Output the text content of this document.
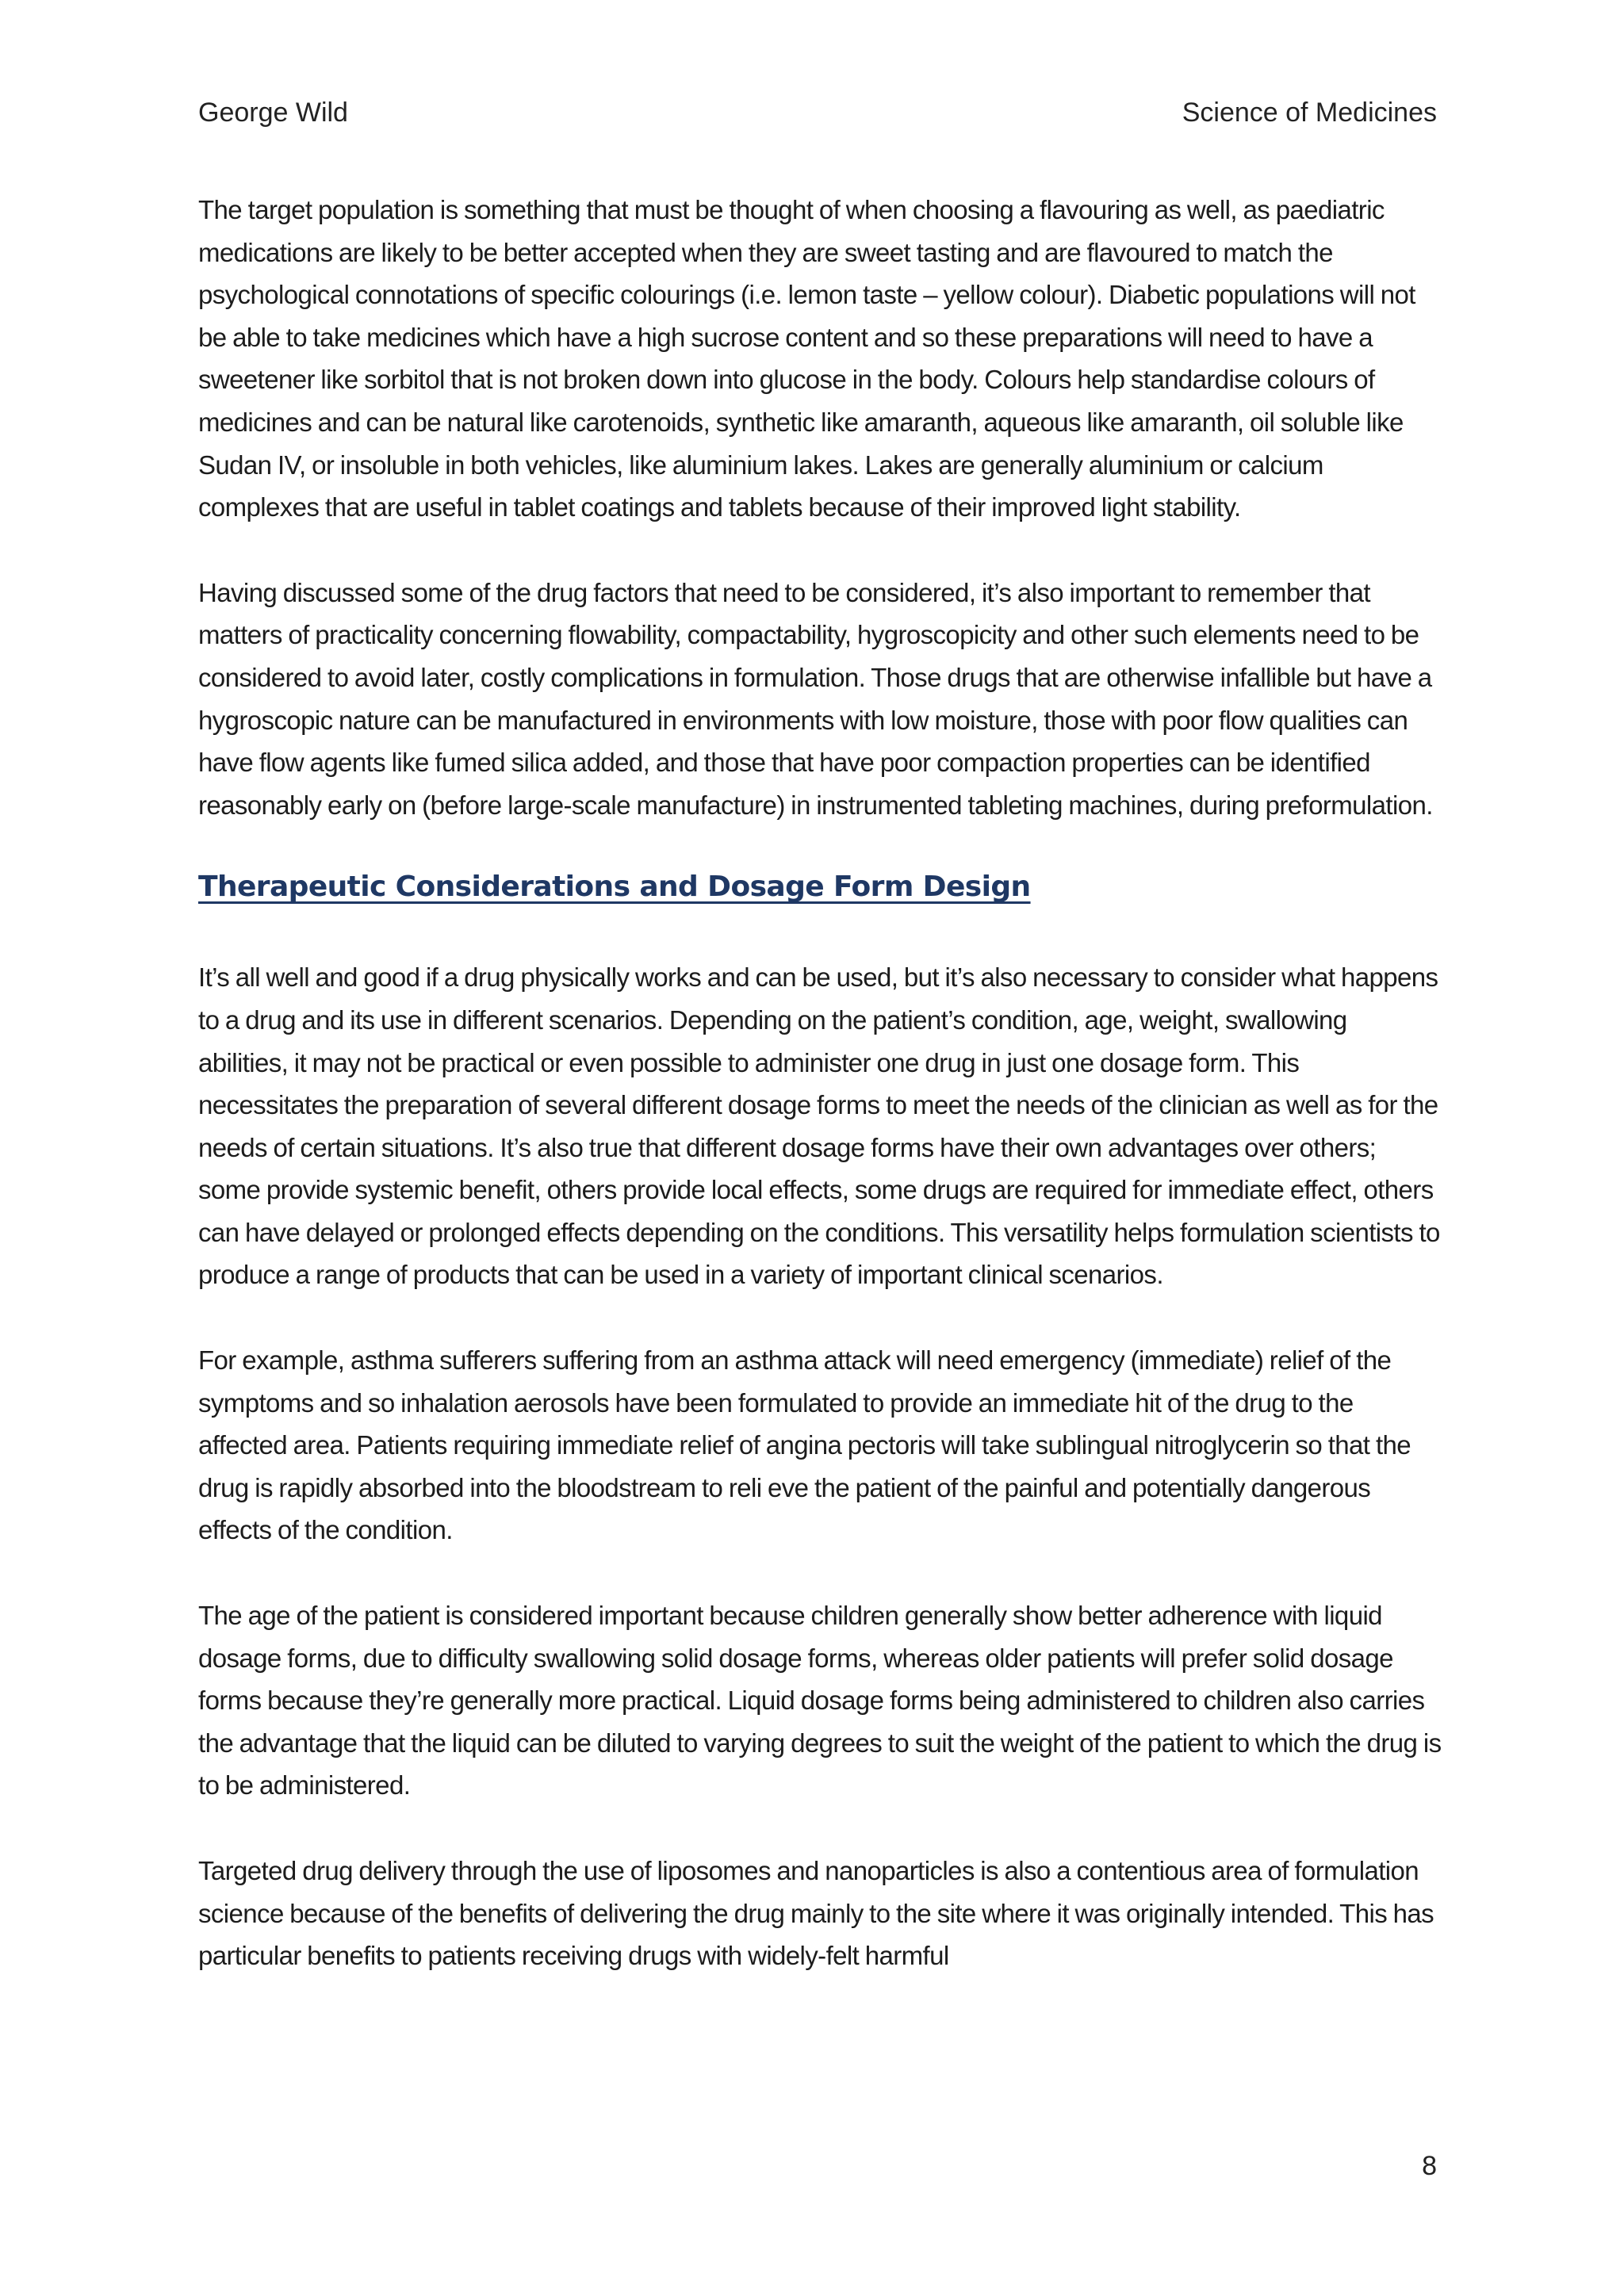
George Wild	Science of Medicines

The target population is something that must be thought of when choosing a flavouring as well, as paediatric medications are likely to be better accepted when they are sweet tasting and are flavoured to match the psychological connotations of specific colourings (i.e. lemon taste – yellow colour). Diabetic populations will not be able to take medicines which have a high sucrose content and so these preparations will need to have a sweetener like sorbitol that is not broken down into glucose in the body. Colours help standardise colours of medicines and can be natural like carotenoids, synthetic like amaranth, aqueous like amaranth, oil soluble like Sudan IV, or insoluble in both vehicles, like aluminium lakes. Lakes are generally aluminium or calcium complexes that are useful in tablet coatings and tablets because of their improved light stability.

Having discussed some of the drug factors that need to be considered, it’s also important to remember that matters of practicality concerning flowability, compactability, hygroscopicity and other such elements need to be considered to avoid later, costly complications in formulation. Those drugs that are otherwise infallible but have a hygroscopic nature can be manufactured in environments with low moisture, those with poor flow qualities can have flow agents like fumed silica added, and those that have poor compaction properties can be identified reasonably early on (before large-scale manufacture) in instrumented tableting machines, during preformulation.

Therapeutic Considerations and Dosage Form Design

It’s all well and good if a drug physically works and can be used, but it’s also necessary to consider what happens to a drug and its use in different scenarios. Depending on the patient’s condition, age, weight, swallowing abilities, it may not be practical or even possible to administer one drug in just one dosage form. This necessitates the preparation of several different dosage forms to meet the needs of the clinician as well as for the needs of certain situations. It’s also true that different dosage forms have their own advantages over others; some provide systemic benefit, others provide local effects, some drugs are required for immediate effect, others can have delayed or prolonged effects depending on the conditions. This versatility helps formulation scientists to produce a range of products that can be used in a variety of important clinical scenarios.

For example, asthma sufferers suffering from an asthma attack will need emergency (immediate) relief of the symptoms and so inhalation aerosols have been formulated to provide an immediate hit of the drug to the affected area. Patients requiring immediate relief of angina pectoris will take sublingual nitroglycerin so that the drug is rapidly absorbed into the bloodstream to reli eve the patient of the painful and potentially dangerous effects of the condition.

The age of the patient is considered important because children generally show better adherence with liquid dosage forms, due to difficulty swallowing solid dosage forms, whereas older patients will prefer solid dosage forms because they’re generally more practical. Liquid dosage forms being administered to children also carries the advantage that the liquid can be diluted to varying degrees to suit the weight of the patient to which the drug is to be administered.

Targeted drug delivery through the use of liposomes and nanoparticles is also a contentious area of formulation science because of the benefits of delivering the drug mainly to the site where it was originally intended. This has particular benefits to patients receiving drugs with widely-felt harmful

8
